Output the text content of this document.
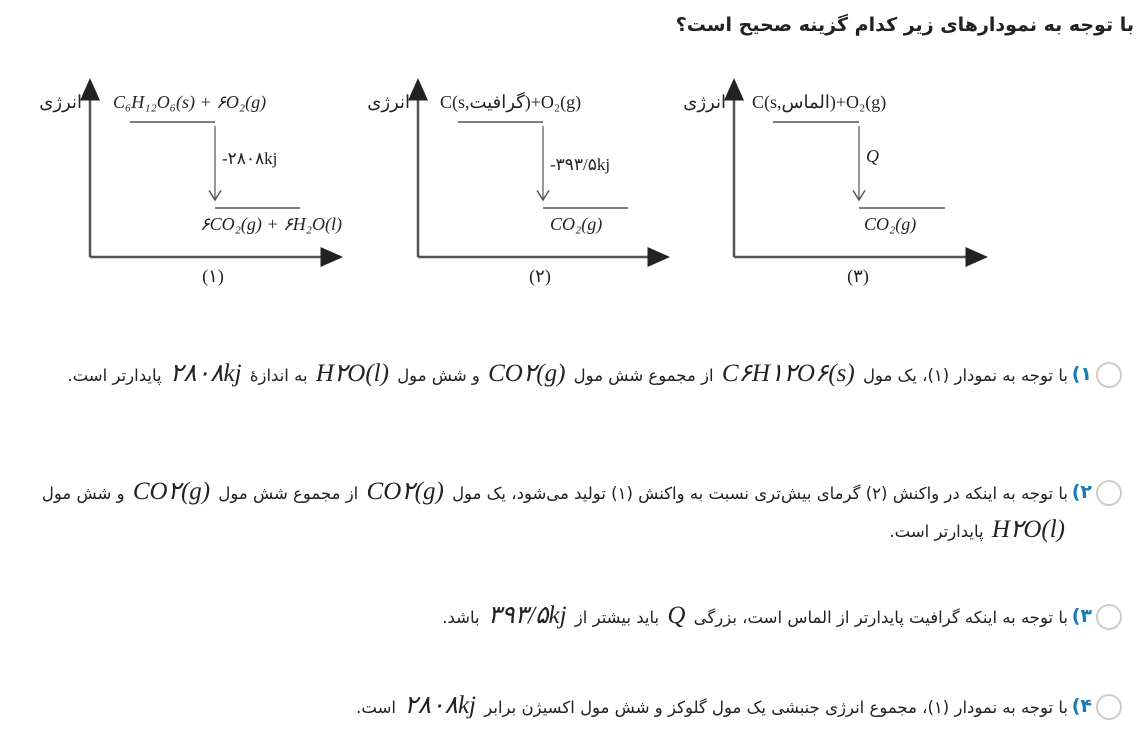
با توجه به نمودارهای زیر کدام گزینه صحیح است؟
انرژی C₆H₁₂O₆(s) + ۶O₂(g)
-۲۸۰۸kj
۶CO₂(g) + ۶H₂O(l)
(۱)
انرژی C(s,گرافیت)+O₂(g)
-۳۹۳/۵kj
CO₂(g)
(۲)
انرژی C(s,الماس)+O₂(g)
Q
CO₂(g)
(۳)
( ۱
با توجه به نمودار (۱)، یک مول C۶H۱۲O۶(s) از مجموع شش مول CO۲(g) و شش مول H۲O(l) به اندازهٔ ۲۸۰۸kj پایدارتر است.
( ۲
با توجه به اینکه در واکنش (۲) گرمای بیش‌تری نسبت به واکنش (۱) تولید می‌شود، یک مول CO۲(g) از مجموع شش مول CO۲(g) و شش مول H۲O(l) پایدارتر است.
( ۳
با توجه به اینکه گرافیت پایدارتر از الماس است، بزرگی Q باید بیشتر از ۳۹۳/۵kj باشد.
( ۴
با توجه به نمودار (۱)، مجموع انرژی جنبشی یک مول گلوکز و شش مول اکسیژن برابر ۲۸۰۸kj است.
